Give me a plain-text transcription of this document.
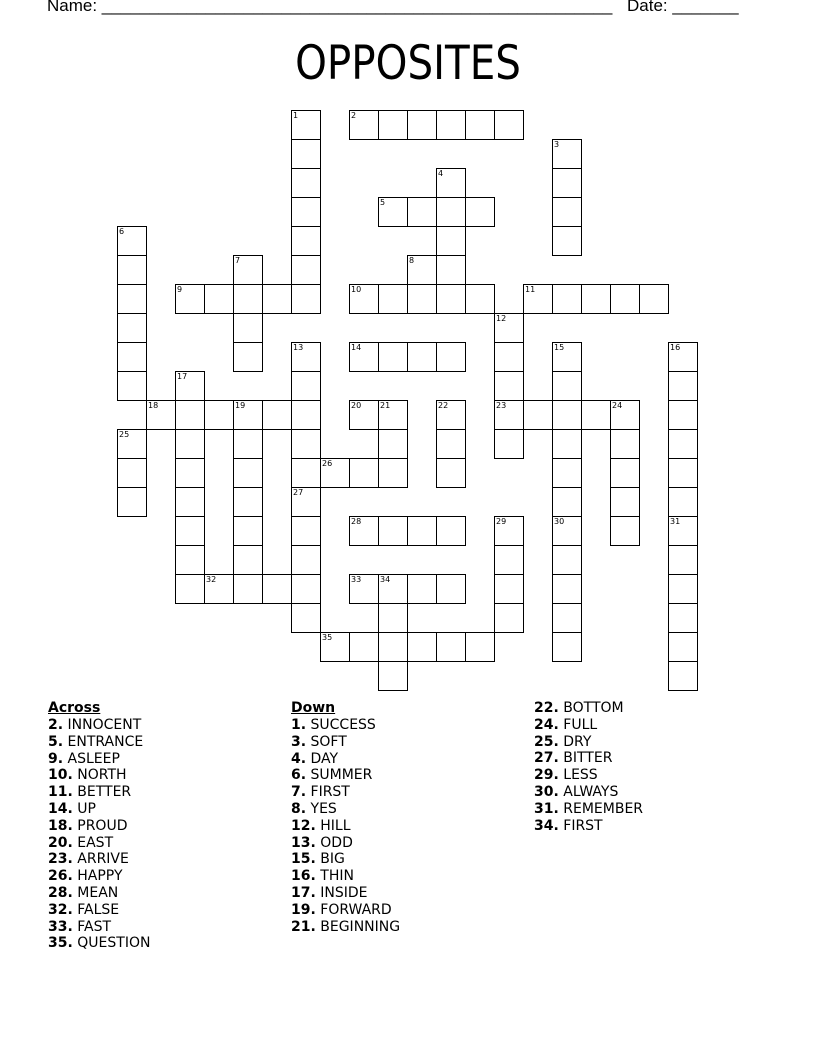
Name: ______________________________________________________ Date: _______
OPPOSITES
1	2
3
4
5
6
7	8
9	10	11
12
23
13	14	15	16
17
18	19	20 21	22	24
25
26
27
28	29	30	31
32	33 34
35
Across
2. INNOCENT
5. ENTRANCE
9. ASLEEP
10. NORTH
11. BETTER
14. UP
18. PROUD
20. EAST
23. ARRIVE
26. HAPPY
28. MEAN
32. FALSE
33. FAST
35. QUESTION
Down
1. SUCCESS
3. SOFT
4. DAY
6. SUMMER
7. FIRST
8. YES
12. HILL
13. ODD
15. BIG
16. THIN
17. INSIDE
19. FORWARD
21. BEGINNING
22. BOTTOM
24. FULL
25. DRY
27. BITTER
29. LESS
30. ALWAYS
31. REMEMBER
34. FIRST
